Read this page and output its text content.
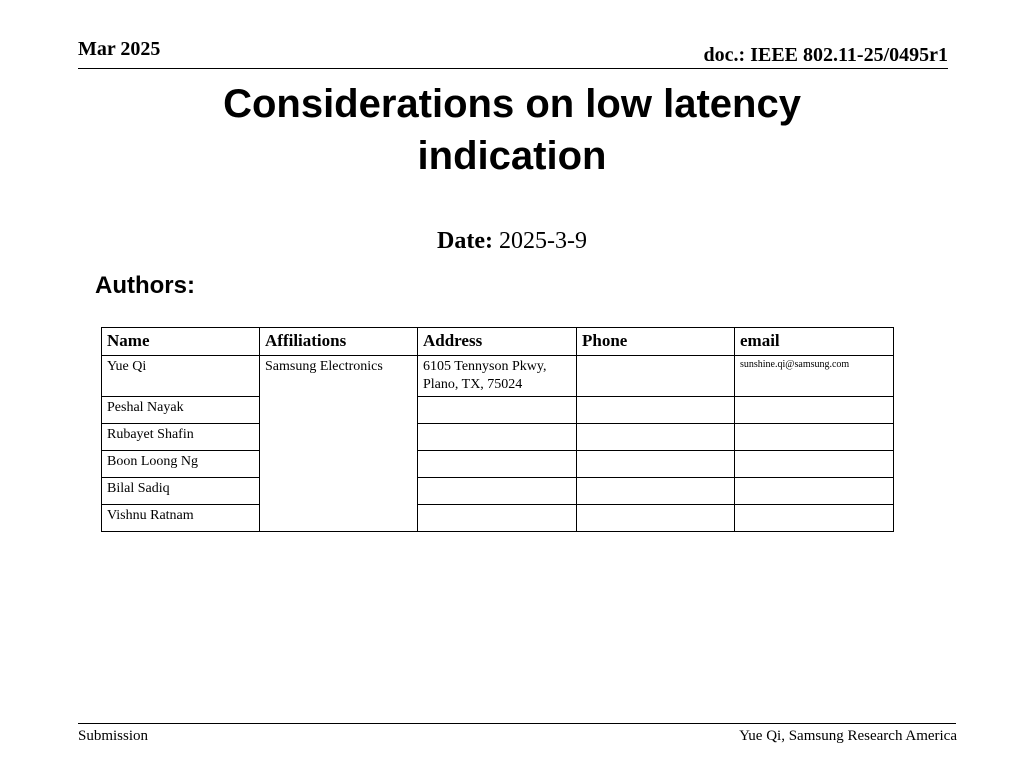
Mar 2025	doc.: IEEE 802.11-25/0495r1
Considerations on low latency indication
Date: 2025-3-9
Authors:
Name	Affiliations	Address	Phone	email
Yue Qi	Samsung Electronics	6105 Tennyson Pkwy, Plano, TX, 75024		sunshine.qi@samsung.com
Peshal Nayak				
Rubayet Shafin				
Boon Loong Ng				
Bilal Sadiq				
Vishnu Ratnam				
Submission	Yue Qi, Samsung Research America
